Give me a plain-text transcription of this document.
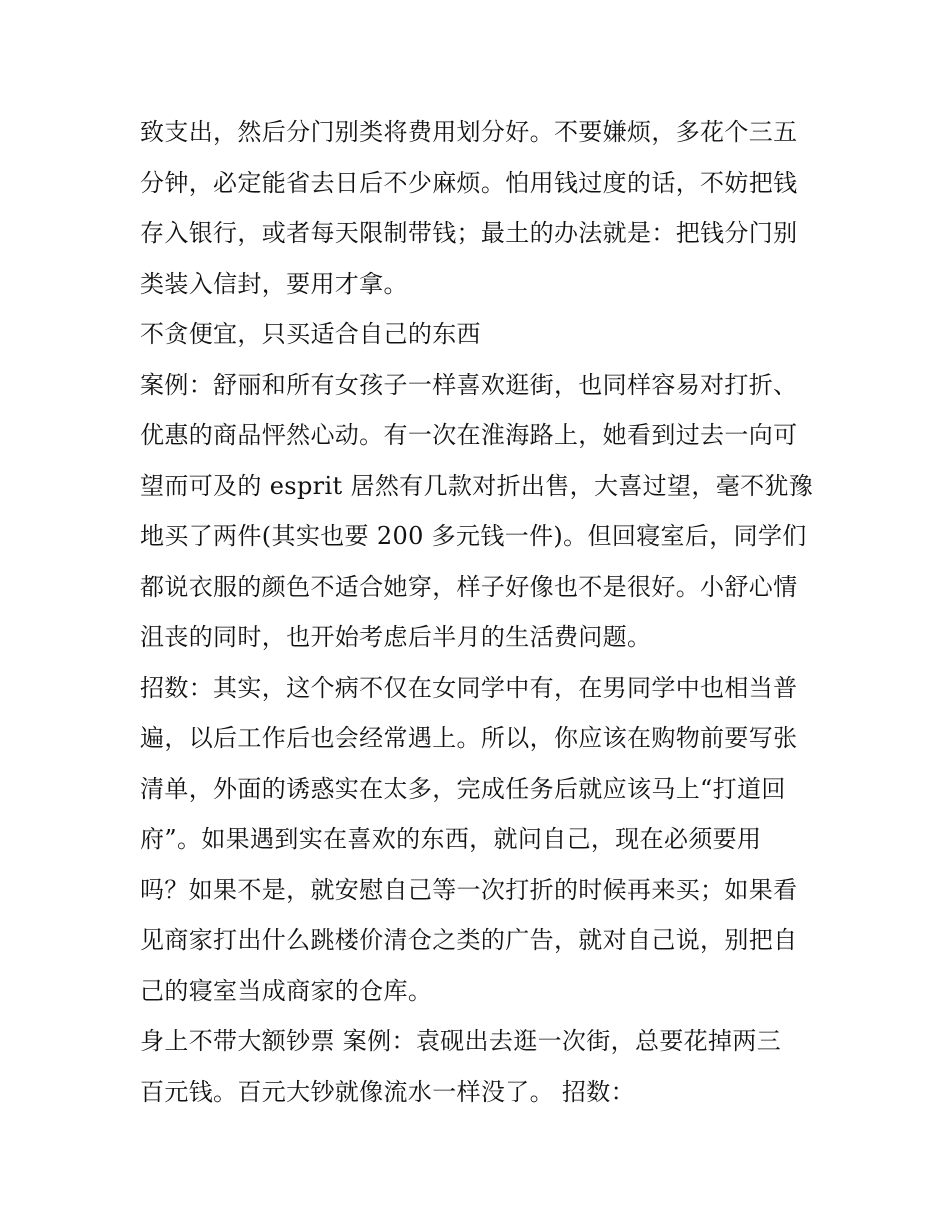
致支出，然后分门别类将费用划分好。不要嫌烦，多花个三五
分钟，必定能省去日后不少麻烦。怕用钱过度的话，不妨把钱
存入银行，或者每天限制带钱；最土的办法就是：把钱分门别
类装入信封，要用才拿。
不贪便宜，只买适合自己的东西
案例：舒丽和所有女孩子一样喜欢逛街，也同样容易对打折、
优惠的商品怦然心动。有一次在淮海路上，她看到过去一向可
望而可及的 esprit 居然有几款对折出售，大喜过望，毫不犹豫
地买了两件(其实也要 200 多元钱一件)。但回寝室后，同学们
都说衣服的颜色不适合她穿，样子好像也不是很好。小舒心情
沮丧的同时，也开始考虑后半月的生活费问题。
招数：其实，这个病不仅在女同学中有，在男同学中也相当普
遍，以后工作后也会经常遇上。所以，你应该在购物前要写张
清单，外面的诱惑实在太多，完成任务后就应该马上“打道回
府”。如果遇到实在喜欢的东西，就问自己，现在必须要用
吗？如果不是，就安慰自己等一次打折的时候再来买；如果看
见商家打出什么跳楼价清仓之类的广告，就对自己说，别把自
己的寝室当成商家的仓库。
身上不带大额钞票 案例：袁砚出去逛一次街，总要花掉两三
百元钱。百元大钞就像流水一样没了。 招数：
